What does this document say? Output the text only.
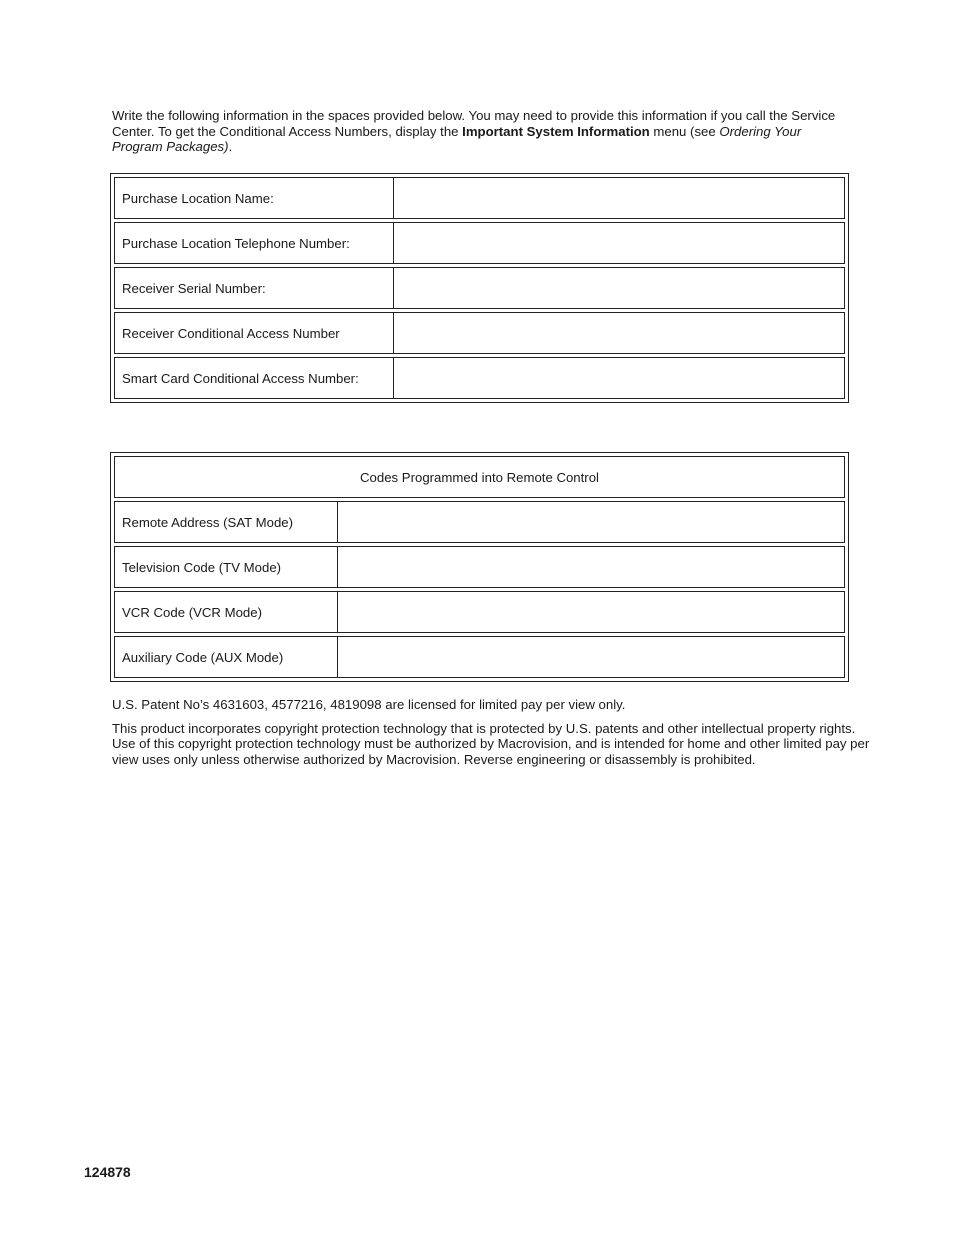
Write the following information in the spaces provided below. You may need to provide this information if you call the Service Center. To get the Conditional Access Numbers, display the Important System Information menu (see Ordering Your Program Packages).
Purchase Location Name:
Purchase Location Telephone Number:
Receiver Serial Number:
Receiver Conditional Access Number
Smart Card Conditional Access Number:
Codes Programmed into Remote Control
Remote Address (SAT Mode)
Television Code (TV Mode)
VCR Code (VCR Mode)
Auxiliary Code (AUX Mode)

U.S. Patent No’s 4631603, 4577216, 4819098 are licensed for limited pay per view only.

This product incorporates copyright protection technology that is protected by U.S. patents and other intellectual property rights. Use of this copyright protection technology must be authorized by Macrovision, and is intended for home and other limited pay per view uses only unless otherwise authorized by Macrovision. Reverse engineering or disassembly is prohibited.

124878
